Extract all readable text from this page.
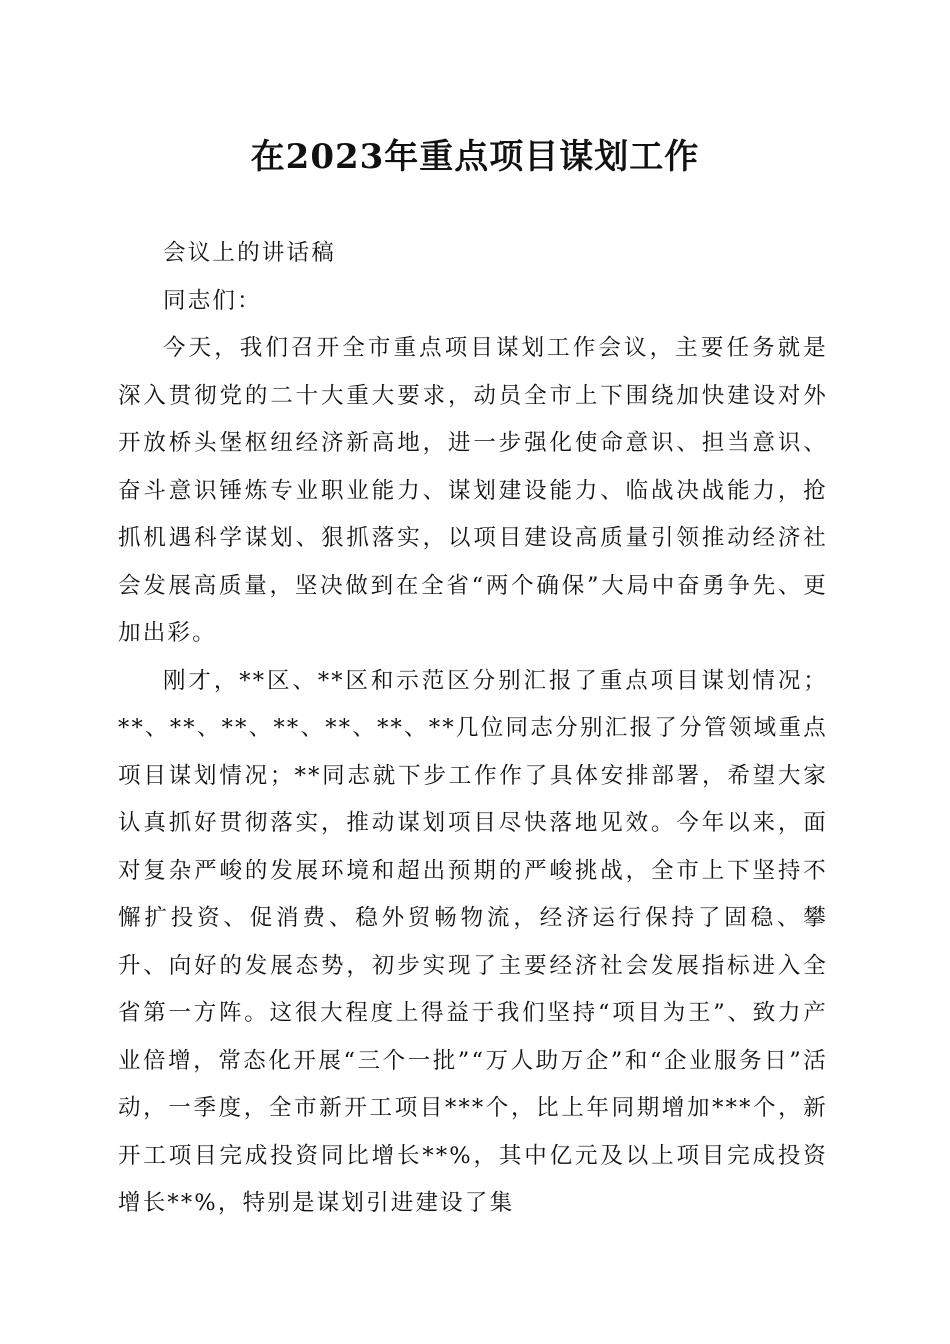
在2023年重点项目谋划工作

会议上的讲话稿

同志们：

今天，我们召开全市重点项目谋划工作会议，主要任务就是深入贯彻党的二十大重大要求，动员全市上下围绕加快建设对外开放桥头堡枢纽经济新高地，进一步强化使命意识、担当意识、奋斗意识锤炼专业职业能力、谋划建设能力、临战决战能力，抢抓机遇科学谋划、狠抓落实，以项目建设高质量引领推动经济社会发展高质量，坚决做到在全省“两个确保”大局中奋勇争先、更加出彩。

刚才，**区、**区和示范区分别汇报了重点项目谋划情况；**、**、**、**、**、**、**几位同志分别汇报了分管领域重点项目谋划情况；**同志就下步工作作了具体安排部署，希望大家认真抓好贯彻落实，推动谋划项目尽快落地见效。今年以来，面对复杂严峻的发展环境和超出预期的严峻挑战，全市上下坚持不懈扩投资、促消费、稳外贸畅物流，经济运行保持了固稳、攀升、向好的发展态势，初步实现了主要经济社会发展指标进入全省第一方阵。这很大程度上得益于我们坚持“项目为王”、致力产业倍增，常态化开展“三个一批”“万人助万企”和“企业服务日”活动，一季度，全市新开工项目***个，比上年同期增加***个，新开工项目完成投资同比增长**%，其中亿元及以上项目完成投资增长**%，特别是谋划引进建设了集
